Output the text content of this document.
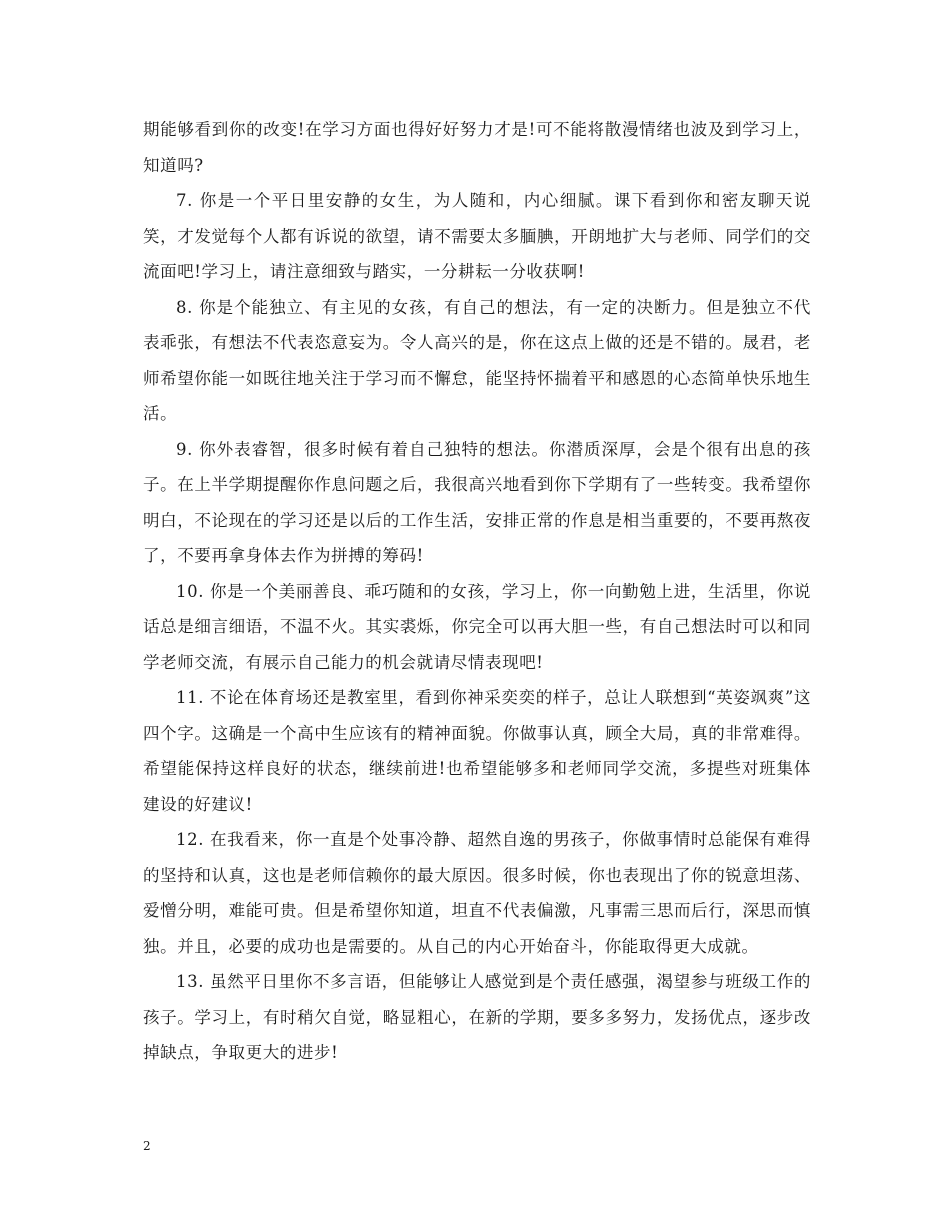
期能够看到你的改变!在学习方面也得好好努力才是!可不能将散漫情绪也波及到学习上，知道吗?

7. 你是一个平日里安静的女生，为人随和，内心细腻。课下看到你和密友聊天说笑，才发觉每个人都有诉说的欲望，请不需要太多腼腆，开朗地扩大与老师、同学们的交流面吧!学习上，请注意细致与踏实，一分耕耘一分收获啊!

8. 你是个能独立、有主见的女孩，有自己的想法，有一定的决断力。但是独立不代表乖张，有想法不代表恣意妄为。令人高兴的是，你在这点上做的还是不错的。晟君，老师希望你能一如既往地关注于学习而不懈怠，能坚持怀揣着平和感恩的心态简单快乐地生活。

9. 你外表睿智，很多时候有着自己独特的想法。你潜质深厚，会是个很有出息的孩子。在上半学期提醒你作息问题之后，我很高兴地看到你下学期有了一些转变。我希望你明白，不论现在的学习还是以后的工作生活，安排正常的作息是相当重要的，不要再熬夜了，不要再拿身体去作为拼搏的筹码!

10. 你是一个美丽善良、乖巧随和的女孩，学习上，你一向勤勉上进，生活里，你说话总是细言细语，不温不火。其实裘烁，你完全可以再大胆一些，有自己想法时可以和同学老师交流，有展示自己能力的机会就请尽情表现吧!

11. 不论在体育场还是教室里，看到你神采奕奕的样子，总让人联想到“英姿飒爽”这四个字。这确是一个高中生应该有的精神面貌。你做事认真，顾全大局，真的非常难得。希望能保持这样良好的状态，继续前进!也希望能够多和老师同学交流，多提些对班集体建设的好建议!

12. 在我看来，你一直是个处事冷静、超然自逸的男孩子，你做事情时总能保有难得的坚持和认真，这也是老师信赖你的最大原因。很多时候，你也表现出了你的锐意坦荡、爱憎分明，难能可贵。但是希望你知道，坦直不代表偏激，凡事需三思而后行，深思而慎独。并且，必要的成功也是需要的。从自己的内心开始奋斗，你能取得更大成就。

13. 虽然平日里你不多言语，但能够让人感觉到是个责任感强，渴望参与班级工作的孩子。学习上，有时稍欠自觉，略显粗心，在新的学期，要多多努力，发扬优点，逐步改掉缺点，争取更大的进步!

2
